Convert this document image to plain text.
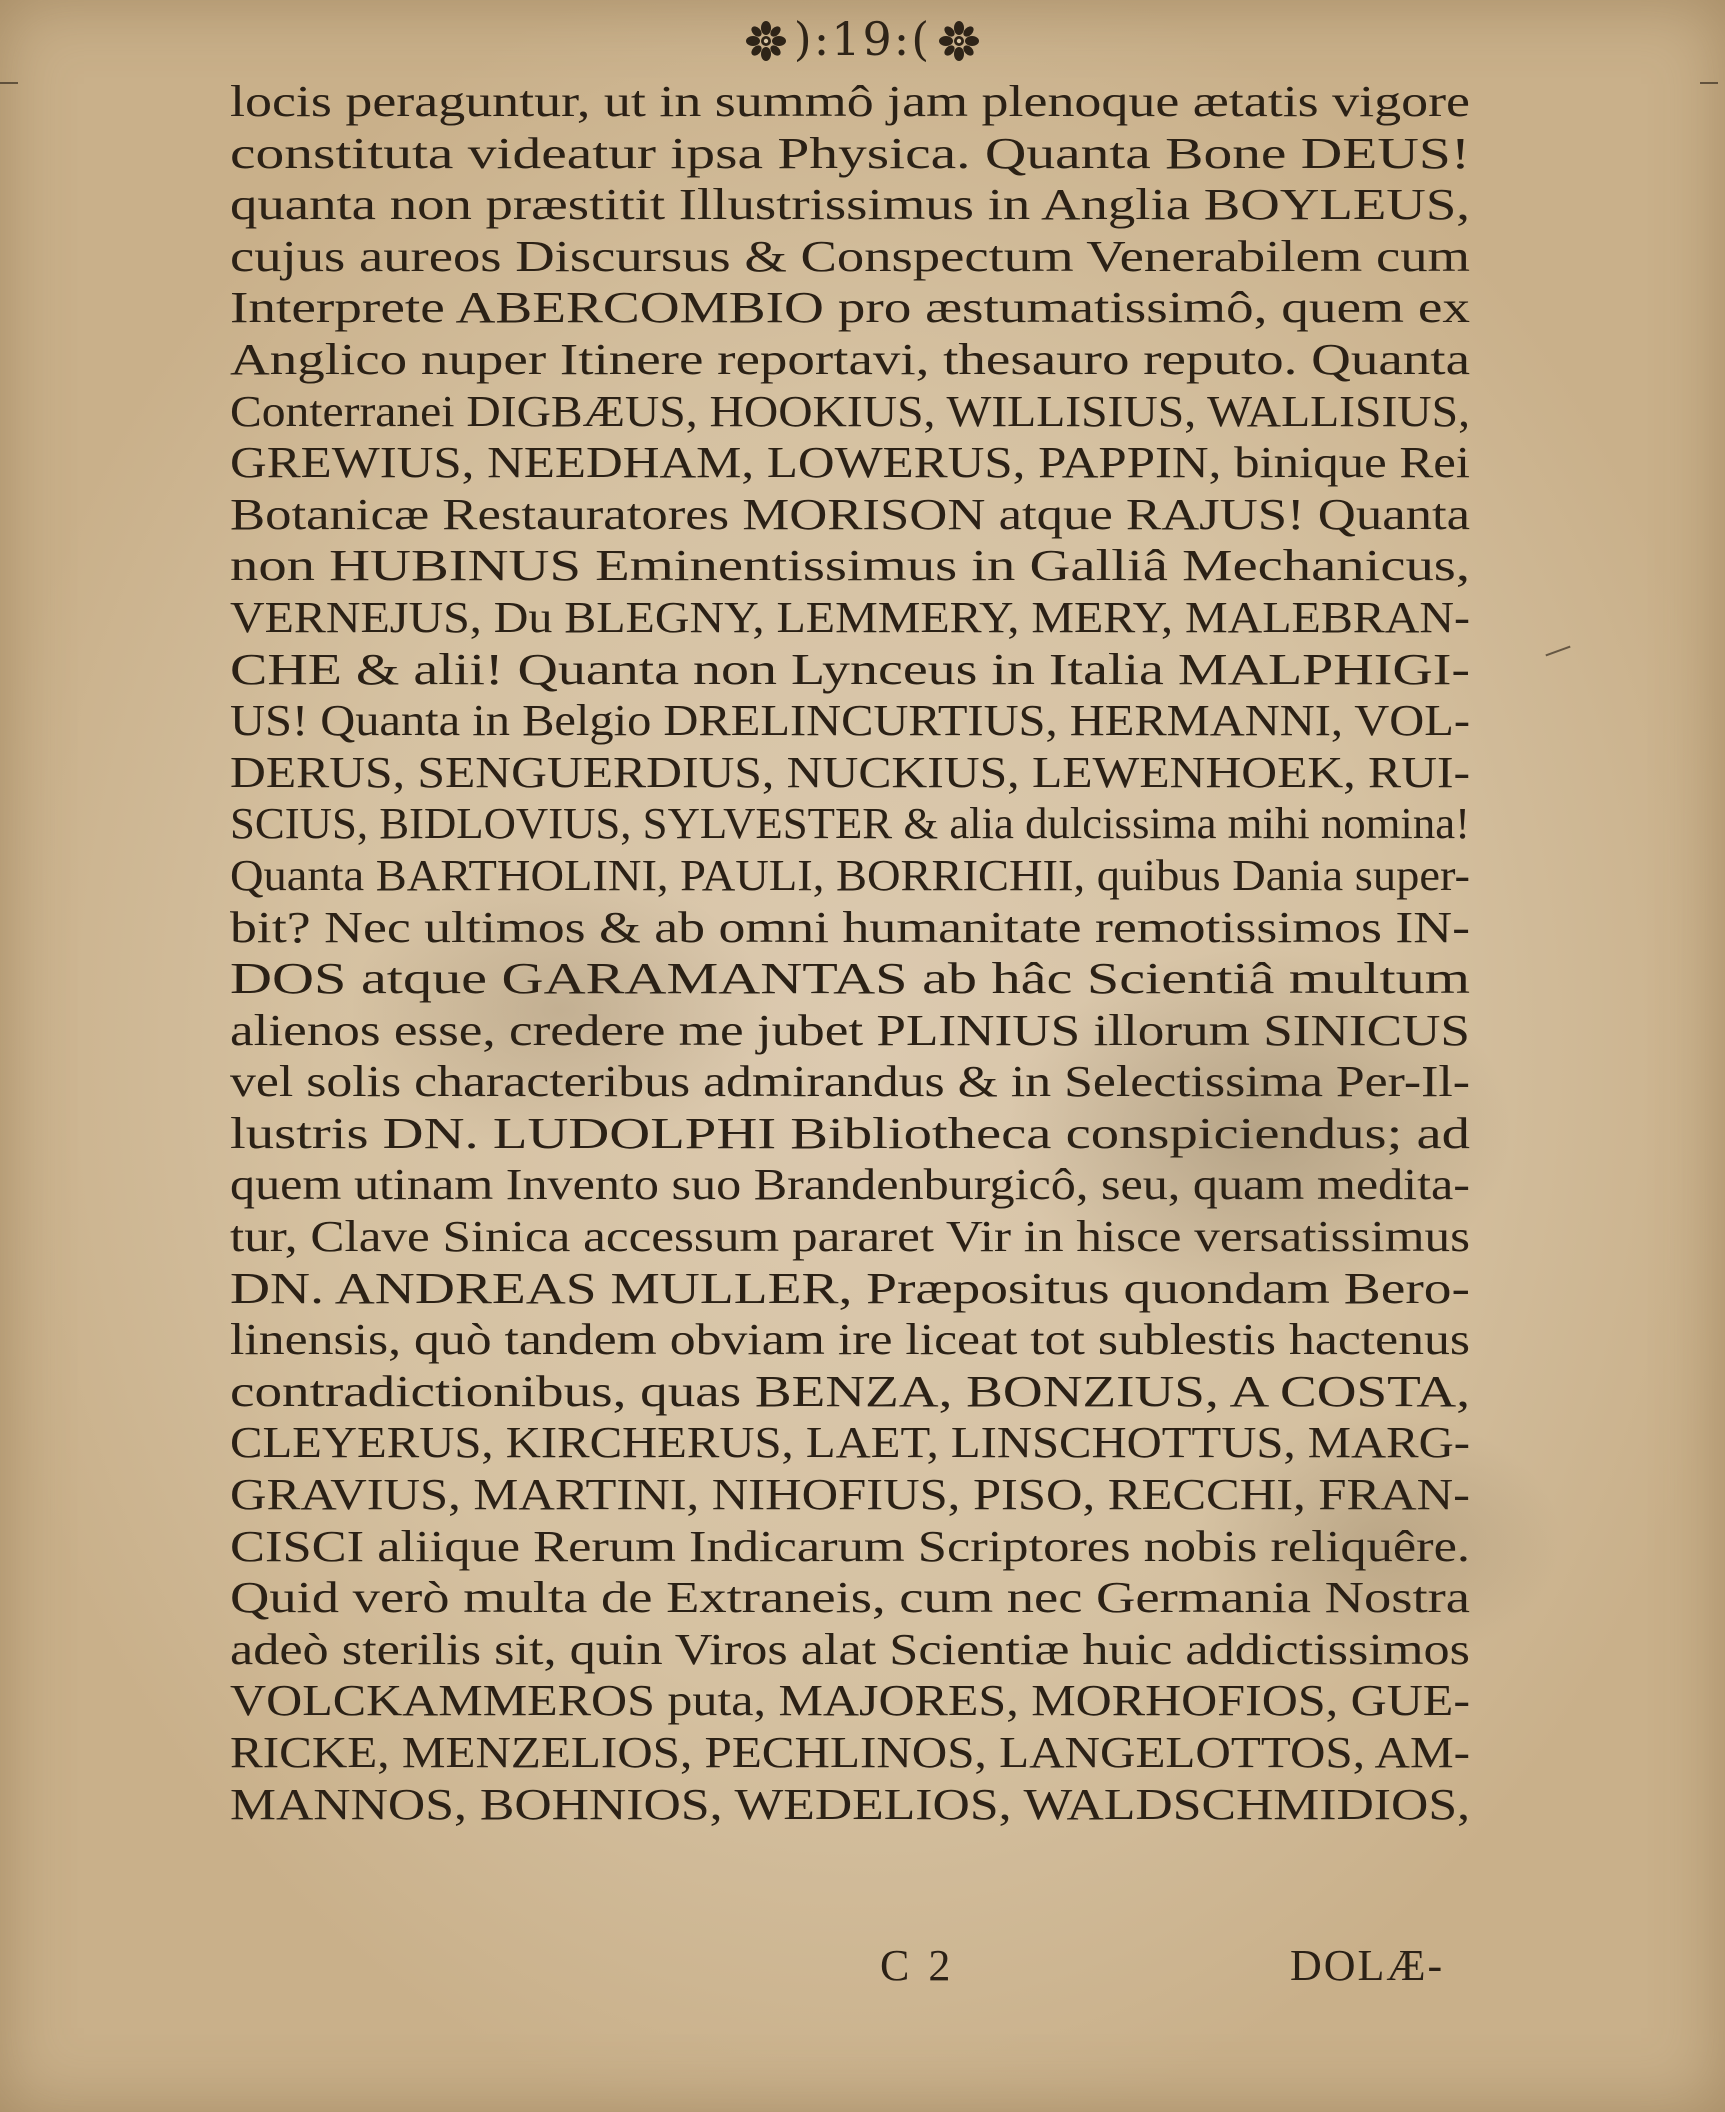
):19:(
locis peraguntur, ut in summô jam plenoque ætatis vigore
constituta videatur ipsa Physica. Quanta Bone DEUS!
quanta non præstitit Illustrissimus in Anglia BOYLEUS,
cujus aureos Discursus & Conspectum Venerabilem cum
Interprete ABERCOMBIO pro æstumatissimô, quem ex
Anglico nuper Itinere reportavi, thesauro reputo. Quanta
Conterranei DIGBÆUS, HOOKIUS, WILLISIUS, WALLISIUS,
GREWIUS, NEEDHAM, LOWERUS, PAPPIN, binique Rei
Botanicæ Restauratores MORISON atque RAJUS! Quanta
non HUBINUS Eminentissimus in Galliâ Mechanicus,
VERNEJUS, Du BLEGNY, LEMMERY, MERY, MALEBRAN-
CHE & alii! Quanta non Lynceus in Italia MALPHIGI-
US! Quanta in Belgio DRELINCURTIUS, HERMANNI, VOL-
DERUS, SENGUERDIUS, NUCKIUS, LEWENHOEK, RUI-
SCIUS, BIDLOVIUS, SYLVESTER & alia dulcissima mihi nomina!
Quanta BARTHOLINI, PAULI, BORRICHII, quibus Dania super-
bit? Nec ultimos & ab omni humanitate remotissimos IN-
DOS atque GARAMANTAS ab hâc Scientiâ multum
alienos esse, credere me jubet PLINIUS illorum SINICUS
vel solis characteribus admirandus & in Selectissima Per-Il-
lustris DN. LUDOLPHI Bibliotheca conspiciendus; ad
quem utinam Invento suo Brandenburgicô, seu, quam medita-
tur, Clave Sinica accessum pararet Vir in hisce versatissimus
DN. ANDREAS MULLER, Præpositus quondam Bero-
linensis, quò tandem obviam ire liceat tot sublestis hactenus
contradictionibus, quas BENZA, BONZIUS, A COSTA,
CLEYERUS, KIRCHERUS, LAET, LINSCHOTTUS, MARG-
GRAVIUS, MARTINI, NIHOFIUS, PISO, RECCHI, FRAN-
CISCI aliique Rerum Indicarum Scriptores nobis reliquêre.
Quid verò multa de Extraneis, cum nec Germania Nostra
adeò sterilis sit, quin Viros alat Scientiæ huic addictissimos
VOLCKAMMEROS puta, MAJORES, MORHOFIOS, GUE-
RICKE, MENZELIOS, PECHLINOS, LANGELOTTOS, AM-
MANNOS, BOHNIOS, WEDELIOS, WALDSCHMIDIOS,
C 2	DOLÆ-
